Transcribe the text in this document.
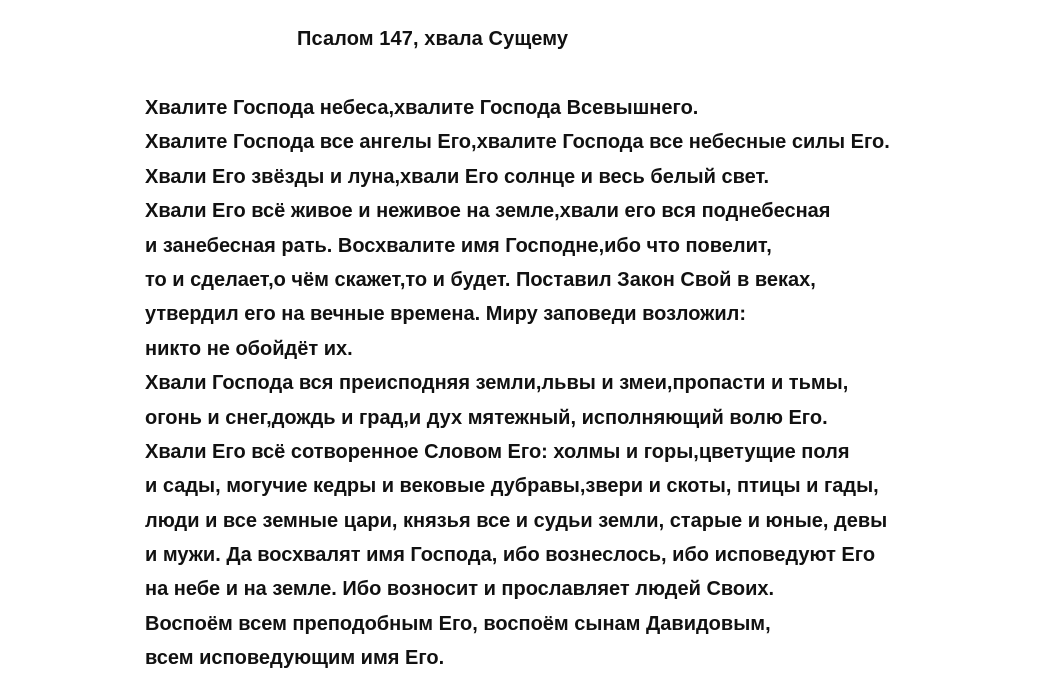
Псалом 147, хвала Сущему
Хвалите Господа небеса,хвалите Господа Всевышнего.
Хвалите Господа все ангелы Его,хвалите Господа все небесные силы Его.
Хвали Его звёзды и луна,хвали Его солнце и весь белый свет.
Хвали Его всё живое и неживое на земле,хвали его вся поднебесная
и занебесная рать. Восхвалите имя Господне,ибо что повелит,
то и сделает,о чём скажет,то и будет. Поставил Закон Свой в веках,
утвердил его на вечные времена. Миру заповеди возложил:
никто не обойдёт их.
Хвали Господа вся преисподняя земли,львы и змеи,пропасти и тьмы,
огонь и снег,дождь и град,и дух мятежный, исполняющий волю Его.
Хвали Его всё сотворенное Словом Его: холмы и горы,цветущие поля
и сады, могучие кедры и вековые дубравы,звери и скоты, птицы и гады,
люди и все земные цари, князья все и судьи земли, старые и юные, девы
и мужи. Да восхвалят имя Господа, ибо вознеслось, ибо исповедуют Его
на небе и на земле. Ибо возносит и прославляет людей Своих.
Воспоём всем преподобным Его, воспоём сынам Давидовым,
всем исповедующим имя Его.
